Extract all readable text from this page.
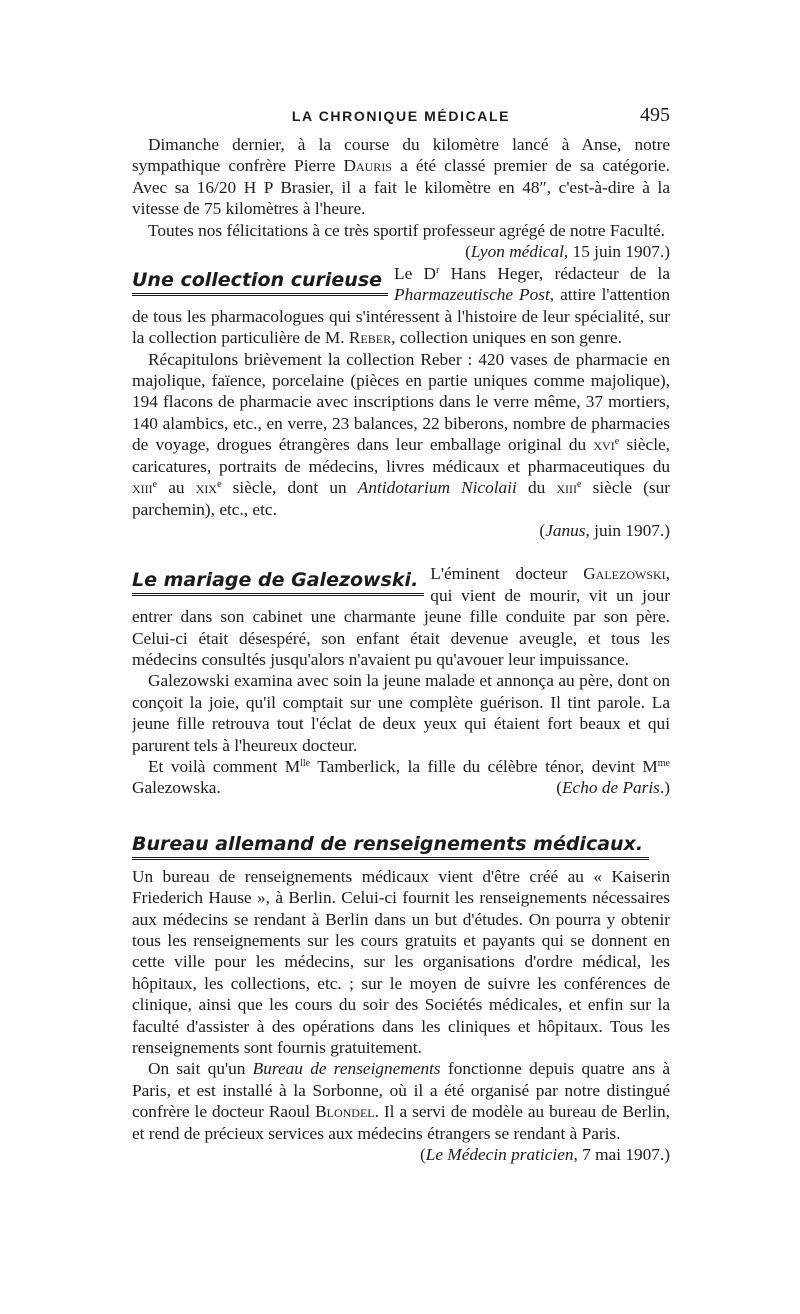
LA CHRONIQUE MÉDICALE	495

Dimanche dernier, à la course du kilomètre lancé à Anse, notre sympathique confrère Pierre Dauris a été classé premier de sa catégorie. Avec sa 16/20 H P Brasier, il a fait le kilomètre en 48″, c'est-à-dire à la vitesse de 75 kilomètres à l'heure.

Toutes nos félicitations à ce très sportif professeur agrégé de notre Faculté.
(Lyon médical, 15 juin 1907.)

Une collection curieuse Le $D^r$ Hans Heger, rédacteur de la Pharmazeutische Post, attire l'attention de tous les pharmacologues qui s'intéressent à l'histoire de leur spécialité, sur la collection particulière de M. Reber, collection uniques en son genre.

Récapitulons brièvement la collection Reber : 420 vases de pharmacie en majolique, faïence, porcelaine (pièces en partie uniques comme majolique), 194 flacons de pharmacie avec inscriptions dans le verre même, 37 mortiers, 140 alambics, etc., en verre, 23 balances, 22 biberons, nombre de pharmacies de voyage, drogues étrangères dans leur emballage original du xvi$^e$ siècle, caricatures, portraits de médecins, livres médicaux et pharmaceutiques du xiii$^e$ au xix$^e$ siècle, dont un Antidotarium Nicolaii du xiii$^e$ siècle (sur parchemin), etc., etc.

(Janus, juin 1907.)

Le mariage de Galezowski. L'éminent docteur Galezowski, qui vient de mourir, vit un jour entrer dans son cabinet une charmante jeune fille conduite par son père. Celui-ci était désespéré, son enfant était devenue aveugle, et tous les médecins consultés jusqu'alors n'avaient pu qu'avouer leur impuissance.

Galezowski examina avec soin la jeune malade et annonça au père, dont on conçoit la joie, qu'il comptait sur une complète guérison. Il tint parole. La jeune fille retrouva tout l'éclat de deux yeux qui étaient fort beaux et qui parurent tels à l'heureux docteur.

Et voilà comment $M^{lle}$ Tamberlick, la fille du célèbre ténor, devint $M^{me}$ Galezowska.	(Echo de Paris.)

Bureau allemand de renseignements médicaux.

Un bureau de renseignements médicaux vient d'être créé au « Kaiserin Friederich Hause », à Berlin. Celui-ci fournit les renseignements nécessaires aux médecins se rendant à Berlin dans un but d'études. On pourra y obtenir tous les renseignements sur les cours gratuits et payants qui se donnent en cette ville pour les médecins, sur les organisations d'ordre médical, les hôpitaux, les collections, etc. ; sur le moyen de suivre les conférences de clinique, ainsi que les cours du soir des Sociétés médicales, et enfin sur la faculté d'assister à des opérations dans les cliniques et hôpitaux. Tous les renseignements sont fournis gratuitement.

On sait qu'un Bureau de renseignements fonctionne depuis quatre ans à Paris, et est installé à la Sorbonne, où il a été organisé par notre distingué confrère le docteur Raoul Blondel. Il a servi de modèle au bureau de Berlin, et rend de précieux services aux médecins étrangers se rendant à Paris.
(Le Médecin praticien, 7 mai 1907.)
